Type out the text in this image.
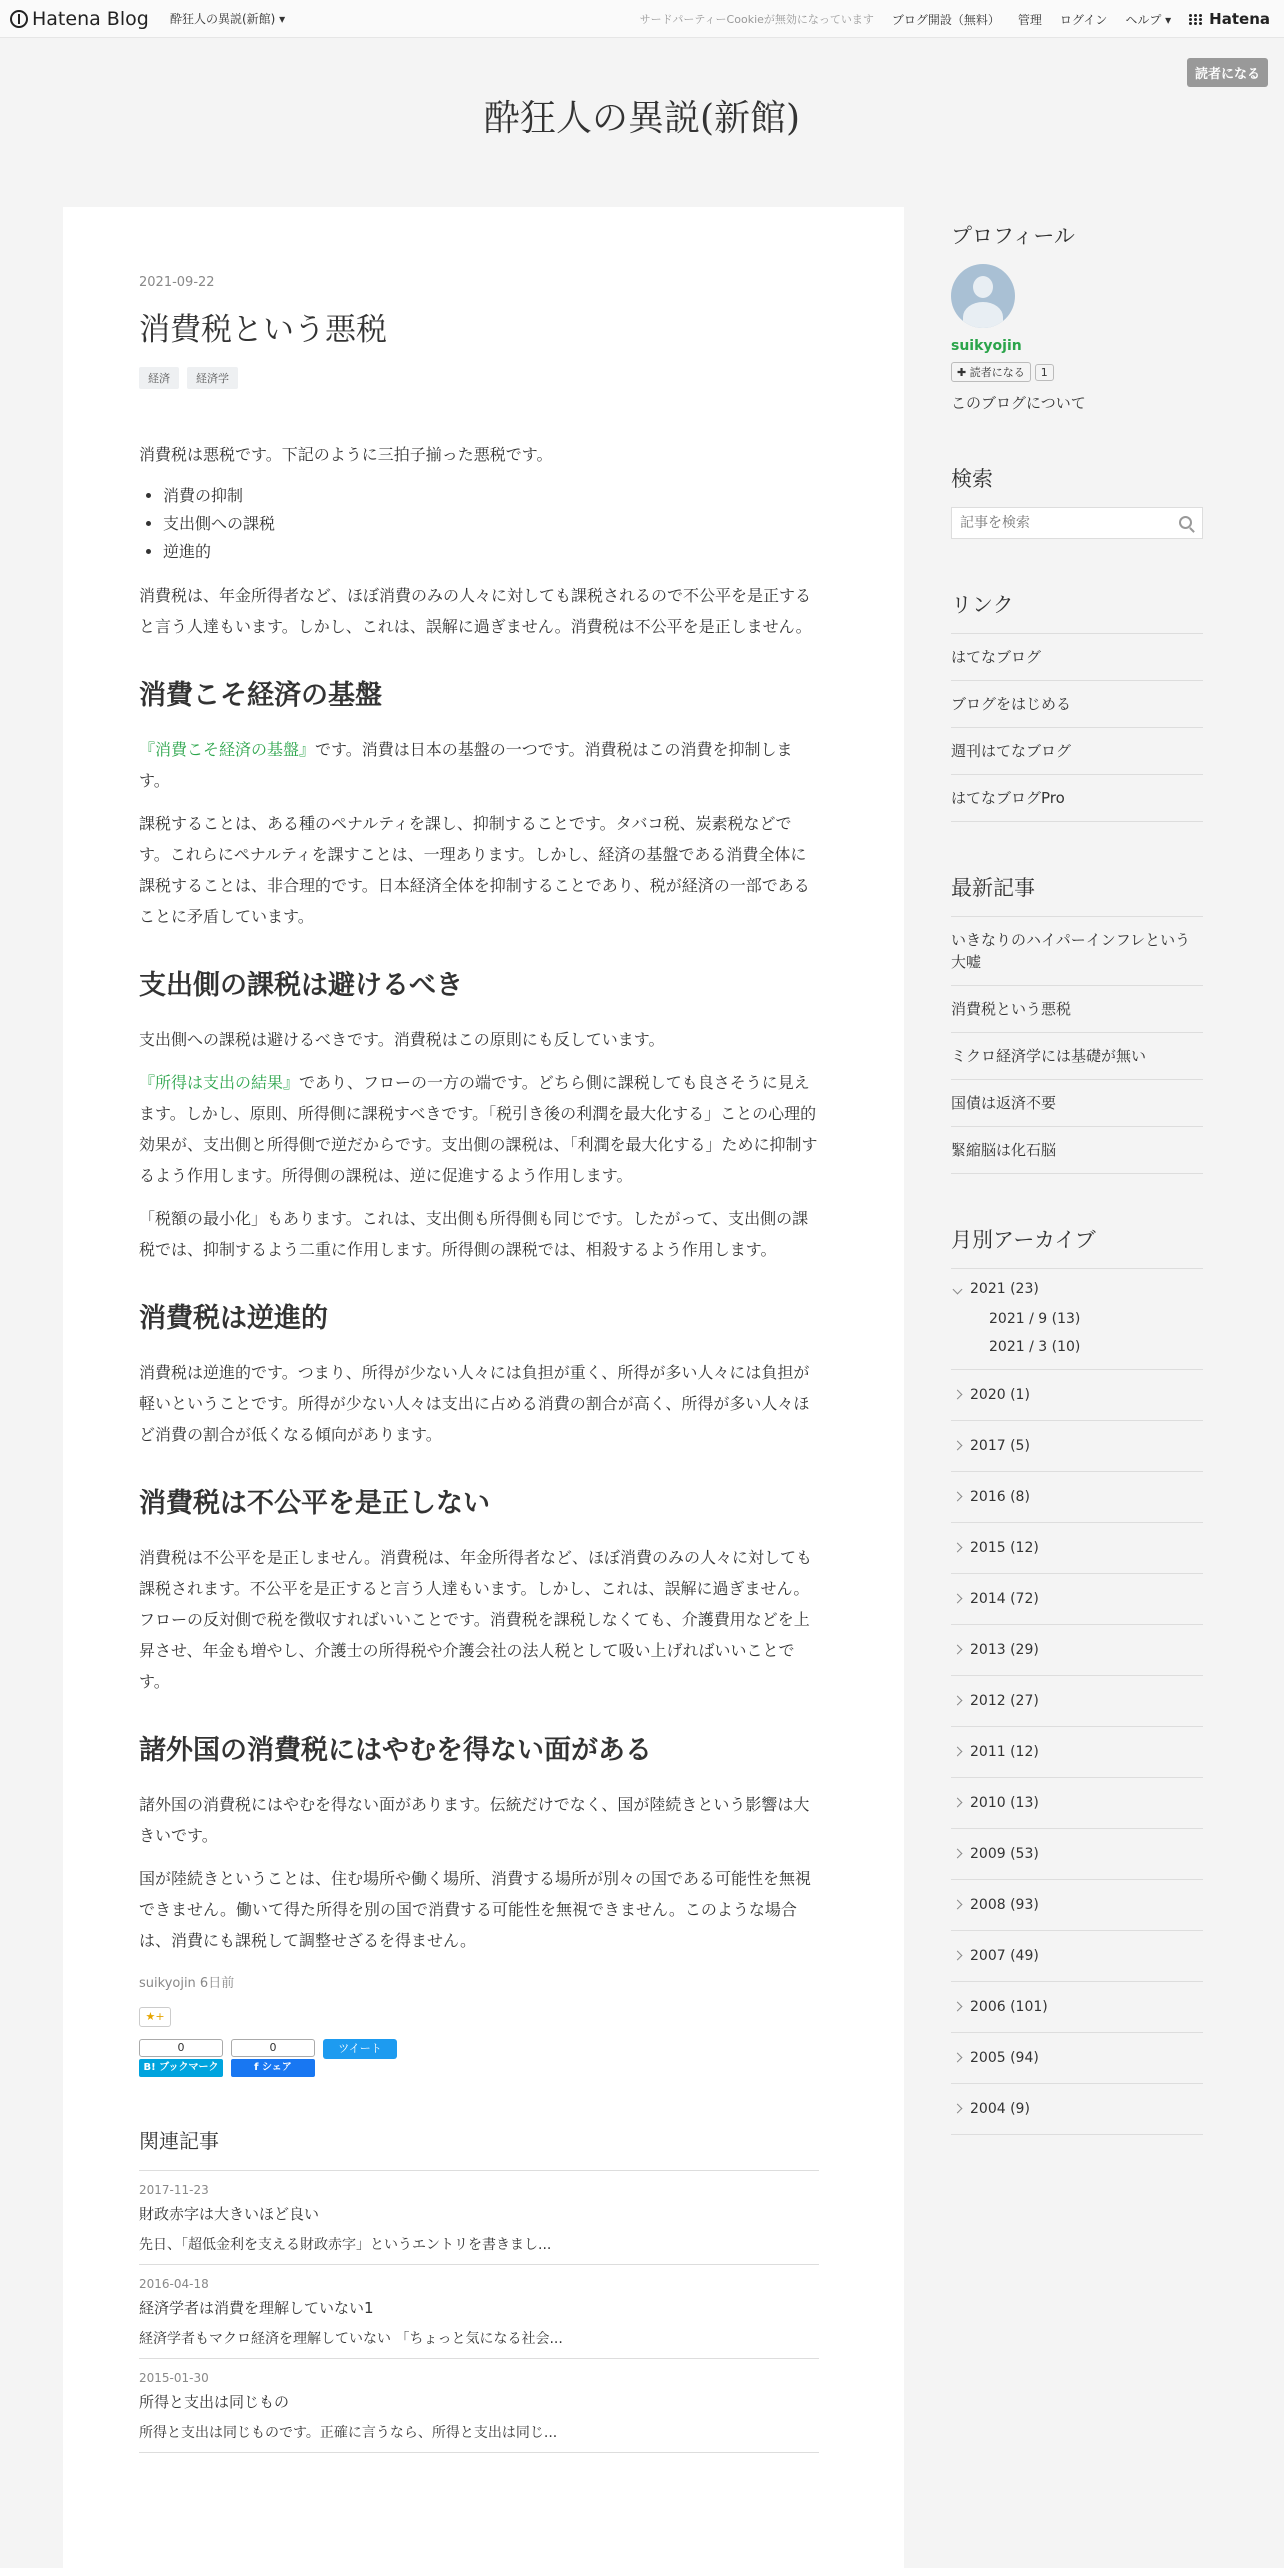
Hatena Blog 酔狂人の異説(新館) ▾	サードパーティーCookieが無効になっています ブログ開設（無料） 管理 ログイン ヘルプ ▾	Hatena
読者になる
酔狂人の異説(新館)
2021-09-22
消費税という悪税
経済	経済学

消費税は悪税です。下記のように三拍子揃った悪税です。

• 消費の抑制
• 支出側への課税
• 逆進的

消費税は、年金所得者など、ほぼ消費のみの人々に対しても課税されるので不公平を是正すると言う人達もいます。しかし、これは、誤解に過ぎません。消費税は不公平を是正しません。

消費こそ経済の基盤

『消費こそ経済の基盤』です。消費は日本の基盤の一つです。消費税はこの消費を抑制します。

課税することは、ある種のペナルティを課し、抑制することです。タバコ税、炭素税などです。これらにペナルティを課すことは、一理あります。しかし、経済の基盤である消費全体に課税することは、非合理的です。日本経済全体を抑制することであり、税が経済の一部であることに矛盾しています。

支出側の課税は避けるべき

支出側への課税は避けるべきです。消費税はこの原則にも反しています。

『所得は支出の結果』であり、フローの一方の端です。どちら側に課税しても良さそうに見えます。しかし、原則、所得側に課税すべきです。「税引き後の利潤を最大化する」ことの心理的効果が、支出側と所得側で逆だからです。支出側の課税は、「利潤を最大化する」ために抑制するよう作用します。所得側の課税は、逆に促進するよう作用します。

「税額の最小化」もあります。これは、支出側も所得側も同じです。したがって、支出側の課税では、抑制するよう二重に作用します。所得側の課税では、相殺するよう作用します。

消費税は逆進的

消費税は逆進的です。つまり、所得が少ない人々には負担が重く、所得が多い人々には負担が軽いということです。所得が少ない人々は支出に占める消費の割合が高く、所得が多い人々ほど消費の割合が低くなる傾向があります。

消費税は不公平を是正しない

消費税は不公平を是正しません。消費税は、年金所得者など、ほぼ消費のみの人々に対しても課税されます。不公平を是正すると言う人達もいます。しかし、これは、誤解に過ぎません。フローの反対側で税を徴収すればいいことです。消費税を課税しなくても、介護費用などを上昇させ、年金も増やし、介護士の所得税や介護会社の法人税として吸い上げればいいことです。

諸外国の消費税にはやむを得ない面がある

諸外国の消費税にはやむを得ない面があります。伝統だけでなく、国が陸続きという影響は大きいです。

国が陸続きということは、住む場所や働く場所、消費する場所が別々の国である可能性を無視できません。働いて得た所得を別の国で消費する可能性を無視できません。このような場合は、消費にも課税して調整せざるを得ません。

suikyojin 6日前
★+
0
B! ブックマーク
0
f シェア
ツイート
関連記事
2017-11-23
財政赤字は大きいほど良い
先日、「超低金利を支える財政赤字」というエントリを書きまし...
2016-04-18
経済学者は消費を理解していない1
経済学者もマクロ経済を理解していない 「ちょっと気になる社会...
2015-01-30
所得と支出は同じもの
所得と支出は同じものです。正確に言うなら、所得と支出は同じ...
プロフィール
suikyojin
✚ 読者になる	1
このブログについて
検索
記事を検索
リンク
はてなブログ
ブログをはじめる
週刊はてなブログ
はてなブログPro
最新記事
いきなりのハイパーインフレという大嘘
消費税という悪税
ミクロ経済学には基礎が無い
国債は返済不要
緊縮脳は化石脳
月別アーカイブ
2021 (23)
2021 / 9 (13)
2021 / 3 (10)
2020 (1)
2017 (5)
2016 (8)
2015 (12)
2014 (72)
2013 (29)
2012 (27)
2011 (12)
2010 (13)
2009 (53)
2008 (93)
2007 (49)
2006 (101)
2005 (94)
2004 (9)
